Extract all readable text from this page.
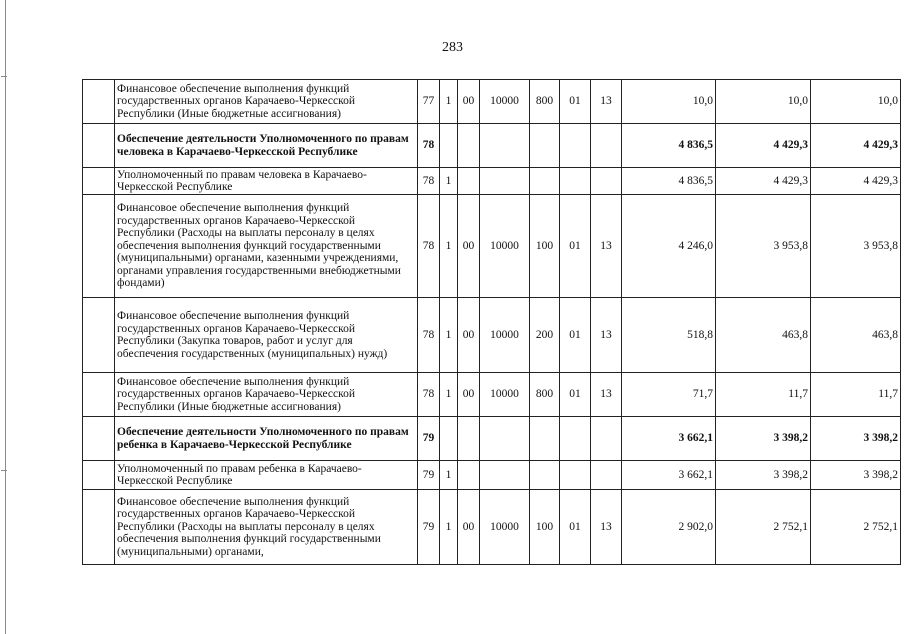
283
	Финансовое обеспечение выполнения функций государственных органов Карачаево-Черкесской Республики (Иные бюджетные ассигнования)	77	1	00	10000	800	01	13	10,0	10,0	10,0
	Обеспечение деятельности Уполномоченного по правам человека в Карачаево-Черкесской Республике	78							4 836,5	4 429,3	4 429,3
	Уполномоченный по правам человека в Карачаево-Черкесской Республике	78	1						4 836,5	4 429,3	4 429,3
	Финансовое обеспечение выполнения функций государственных органов Карачаево-Черкесской Республики (Расходы на выплаты персоналу в целях обеспечения выполнения функций государственными (муниципальными) органами, казенными учреждениями, органами управления государственными внебюджетными фондами)	78	1	00	10000	100	01	13	4 246,0	3 953,8	3 953,8
	Финансовое обеспечение выполнения функций государственных органов Карачаево-Черкесской Республики (Закупка товаров, работ и услуг для обеспечения государственных (муниципальных) нужд)	78	1	00	10000	200	01	13	518,8	463,8	463,8
	Финансовое обеспечение выполнения функций государственных органов Карачаево-Черкесской Республики (Иные бюджетные ассигнования)	78	1	00	10000	800	01	13	71,7	11,7	11,7
	Обеспечение деятельности Уполномоченного по правам ребенка в Карачаево-Черкесской Республике	79							3 662,1	3 398,2	3 398,2
	Уполномоченный по правам ребенка в Карачаево-Черкесской Республике	79	1						3 662,1	3 398,2	3 398,2
	Финансовое обеспечение выполнения функций государственных органов Карачаево-Черкесской Республики (Расходы на выплаты персоналу в целях обеспечения выполнения функций государственными (муниципальными) органами,	79	1	00	10000	100	01	13	2 902,0	2 752,1	2 752,1
